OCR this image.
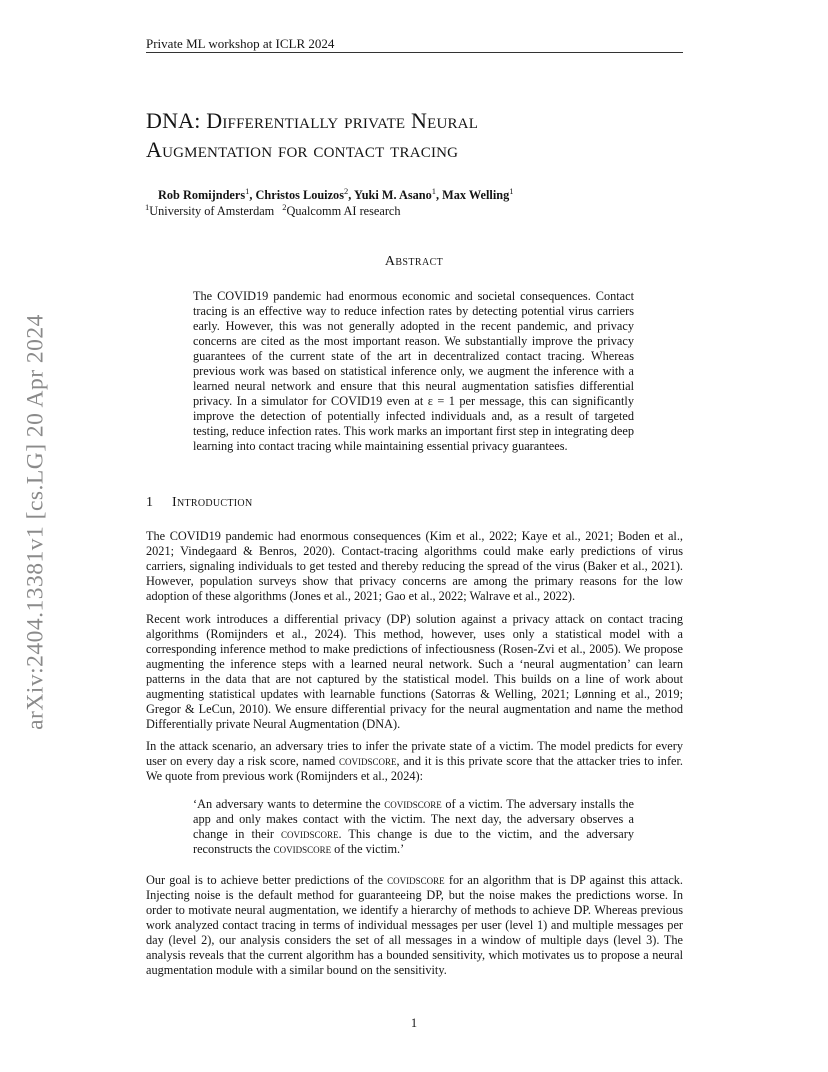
Private ML workshop at ICLR 2024
arXiv:2404.13381v1 [cs.LG] 20 Apr 2024
DNA: Differentially private Neural
Augmentation for contact tracing
Rob Romijnders$^1$, Christos Louizos$^2$, Yuki M. Asano$^1$, Max Welling$^1$
$^1$University of Amsterdam $^2$Qualcomm AI research
Abstract
The COVID19 pandemic had enormous economic and societal consequences. Contact tracing is an effective way to reduce infection rates by detecting potential virus carriers early. However, this was not generally adopted in the recent pandemic, and privacy concerns are cited as the most important reason. We substantially improve the privacy guarantees of the current state of the art in decentralized contact tracing. Whereas previous work was based on statistical inference only, we augment the inference with a learned neural network and ensure that this neural augmentation satisfies differential privacy. In a simulator for COVID19 even at ε = 1 per message, this can significantly improve the detection of potentially infected individuals and, as a result of targeted testing, reduce infection rates. This work marks an important first step in integrating deep learning into contact tracing while maintaining essential privacy guarantees.
1 Introduction

The COVID19 pandemic had enormous consequences (Kim et al., 2022; Kaye et al., 2021; Boden et al., 2021; Vindegaard & Benros, 2020). Contact-tracing algorithms could make early predictions of virus carriers, signaling individuals to get tested and thereby reducing the spread of the virus (Baker et al., 2021). However, population surveys show that privacy concerns are among the primary reasons for the low adoption of these algorithms (Jones et al., 2021; Gao et al., 2022; Walrave et al., 2022).

Recent work introduces a differential privacy (DP) solution against a privacy attack on contact tracing algorithms (Romijnders et al., 2024). This method, however, uses only a statistical model with a corresponding inference method to make predictions of infectiousness (Rosen-Zvi et al., 2005). We propose augmenting the inference steps with a learned neural network. Such a ‘neural augmentation’ can learn patterns in the data that are not captured by the statistical model. This builds on a line of work about augmenting statistical updates with learnable functions (Satorras & Welling, 2021; Lønning et al., 2019; Gregor & LeCun, 2010). We ensure differential privacy for the neural augmentation and name the method Differentially private Neural Augmentation (DNA).

In the attack scenario, an adversary tries to infer the private state of a victim. The model predicts for every user on every day a risk score, named covidscore, and it is this private score that the attacker tries to infer. We quote from previous work (Romijnders et al., 2024):

‘An adversary wants to determine the covidscore of a victim. The adversary installs the app and only makes contact with the victim. The next day, the adversary observes a change in their covidscore. This change is due to the victim, and the adversary reconstructs the covidscore of the victim.’

Our goal is to achieve better predictions of the covidscore for an algorithm that is DP against this attack. Injecting noise is the default method for guaranteeing DP, but the noise makes the predictions worse. In order to motivate neural augmentation, we identify a hierarchy of methods to achieve DP. Whereas previous work analyzed contact tracing in terms of individual messages per user (level 1) and multiple messages per day (level 2), our analysis considers the set of all messages in a window of multiple days (level 3). The analysis reveals that the current algorithm has a bounded sensitivity, which motivates us to propose a neural augmentation module with a similar bound on the sensitivity.

1
